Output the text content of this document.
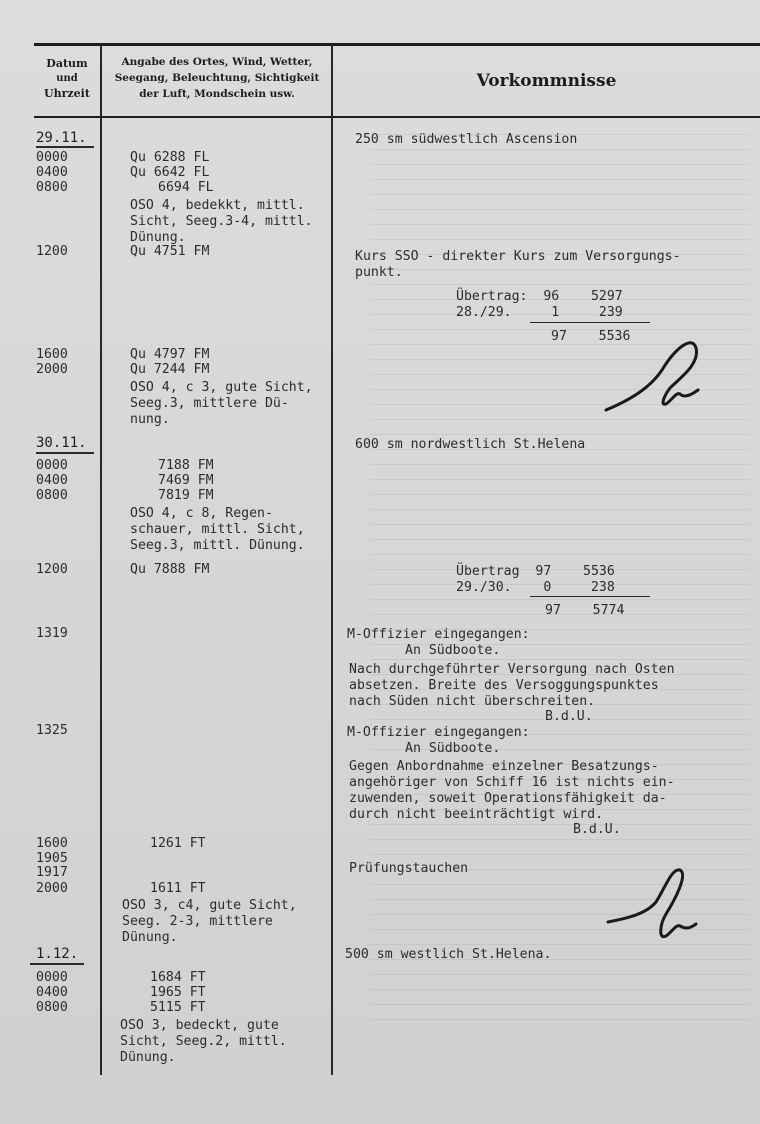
Datum
und
Uhrzeit
Angabe des Ortes, Wind, Wetter,
Seegang, Beleuchtung, Sichtigkeit
der Luft, Mondschein usw.
Vorkommnisse
29.11.
0000
0400
0800
1200
1600
2000
30.11.
0000
0400
0800
1200
1319
1325
1600
1905
1917
2000
1.12.
0000
0400
0800
Qu 6288 FL
Qu 6642 FL
6694 FL
OSO 4, bedekkt, mittl.
Sicht, Seeg.3-4, mittl.
Dünung.
Qu 4751 FM
Qu 4797 FM
Qu 7244 FM
OSO 4, c 3, gute Sicht,
Seeg.3, mittlere Dü-
nung.
7188 FM
7469 FM
7819 FM
OSO 4, c 8, Regen-
schauer, mittl. Sicht,
Seeg.3, mittl. Dünung.
Qu 7888 FM
1261 FT
1611 FT
OSO 3, c4, gute Sicht,
Seeg. 2-3, mittlere
Dünung.
1684 FT
1965 FT
5115 FT
OSO 3, bedeckt, gute
Sicht, Seeg.2, mittl.
Dünung.
250 sm südwestlich Ascension
Kurs SSO - direkter Kurs zum Versorgungs-
punkt.
Übertrag:  96    5297
28./29.     1     239
97    5536
600 sm nordwestlich St.Helena
Übertrag  97    5536
29./30.    0     238
97    5774
M-Offizier eingegangen:
An Südboote.
Nach durchgeführter Versorgung nach Osten
absetzen. Breite des Versoggungspunktes
nach Süden nicht überschreiten.
B.d.U.
M-Offizier eingegangen:
An Südboote.
Gegen Anbordnahme einzelner Besatzungs-
angehöriger von Schiff 16 ist nichts ein-
zuwenden, soweit Operationsfähigkeit da-
durch nicht beeinträchtigt wird.
B.d.U.
Prüfungstauchen
500 sm westlich St.Helena.
